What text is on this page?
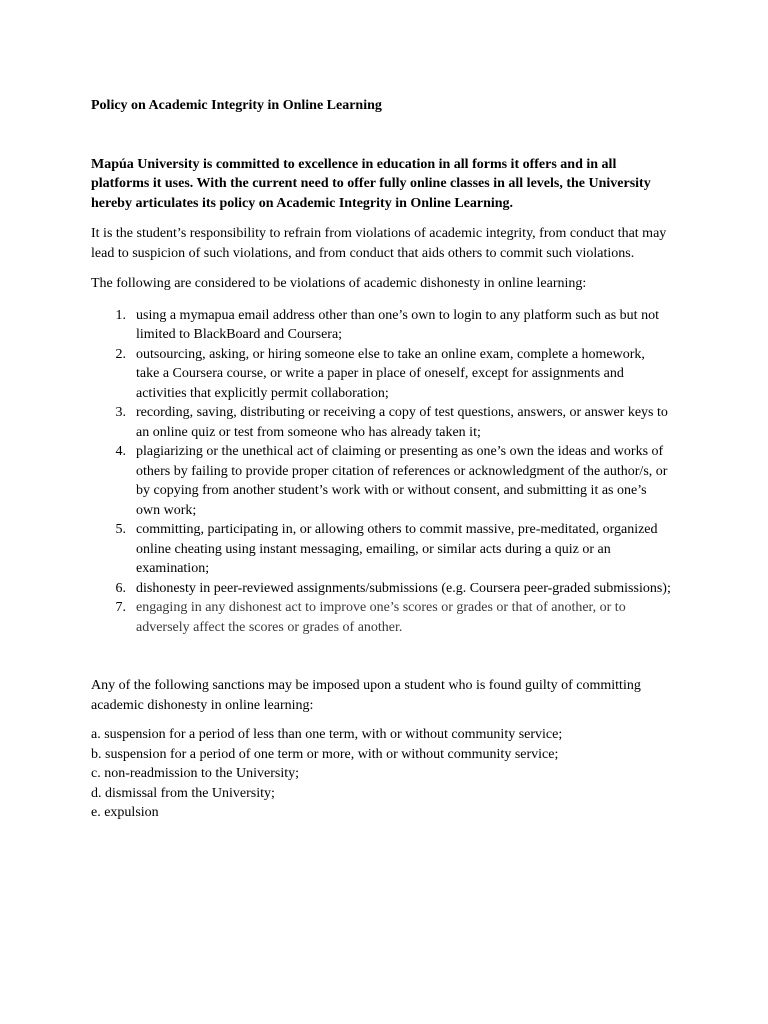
Policy on Academic Integrity in Online Learning

Mapúa University is committed to excellence in education in all forms it offers and in all platforms it uses. With the current need to offer fully online classes in all levels, the University hereby articulates its policy on Academic Integrity in Online Learning.

It is the student’s responsibility to refrain from violations of academic integrity, from conduct that may lead to suspicion of such violations, and from conduct that aids others to commit such violations.

The following are considered to be violations of academic dishonesty in online learning:

1. using a mymapua email address other than one’s own to login to any platform such as but not limited to BlackBoard and Coursera;
2. outsourcing, asking, or hiring someone else to take an online exam, complete a homework, take a Coursera course, or write a paper in place of oneself, except for assignments and activities that explicitly permit collaboration;
3. recording, saving, distributing or receiving a copy of test questions, answers, or answer keys to an online quiz or test from someone who has already taken it;
4. plagiarizing or the unethical act of claiming or presenting as one’s own the ideas and works of others by failing to provide proper citation of references or acknowledgment of the author/s, or by copying from another student’s work with or without consent, and submitting it as one’s own work;
5. committing, participating in, or allowing others to commit massive, pre-meditated, organized online cheating using instant messaging, emailing, or similar acts during a quiz or an examination;
6. dishonesty in peer-reviewed assignments/submissions (e.g. Coursera peer-graded submissions);
7. engaging in any dishonest act to improve one’s scores or grades or that of another, or to adversely affect the scores or grades of another.

Any of the following sanctions may be imposed upon a student who is found guilty of committing academic dishonesty in online learning:

a. suspension for a period of less than one term, with or without community service;
b. suspension for a period of one term or more, with or without community service;
c. non-readmission to the University;
d. dismissal from the University;
e. expulsion
